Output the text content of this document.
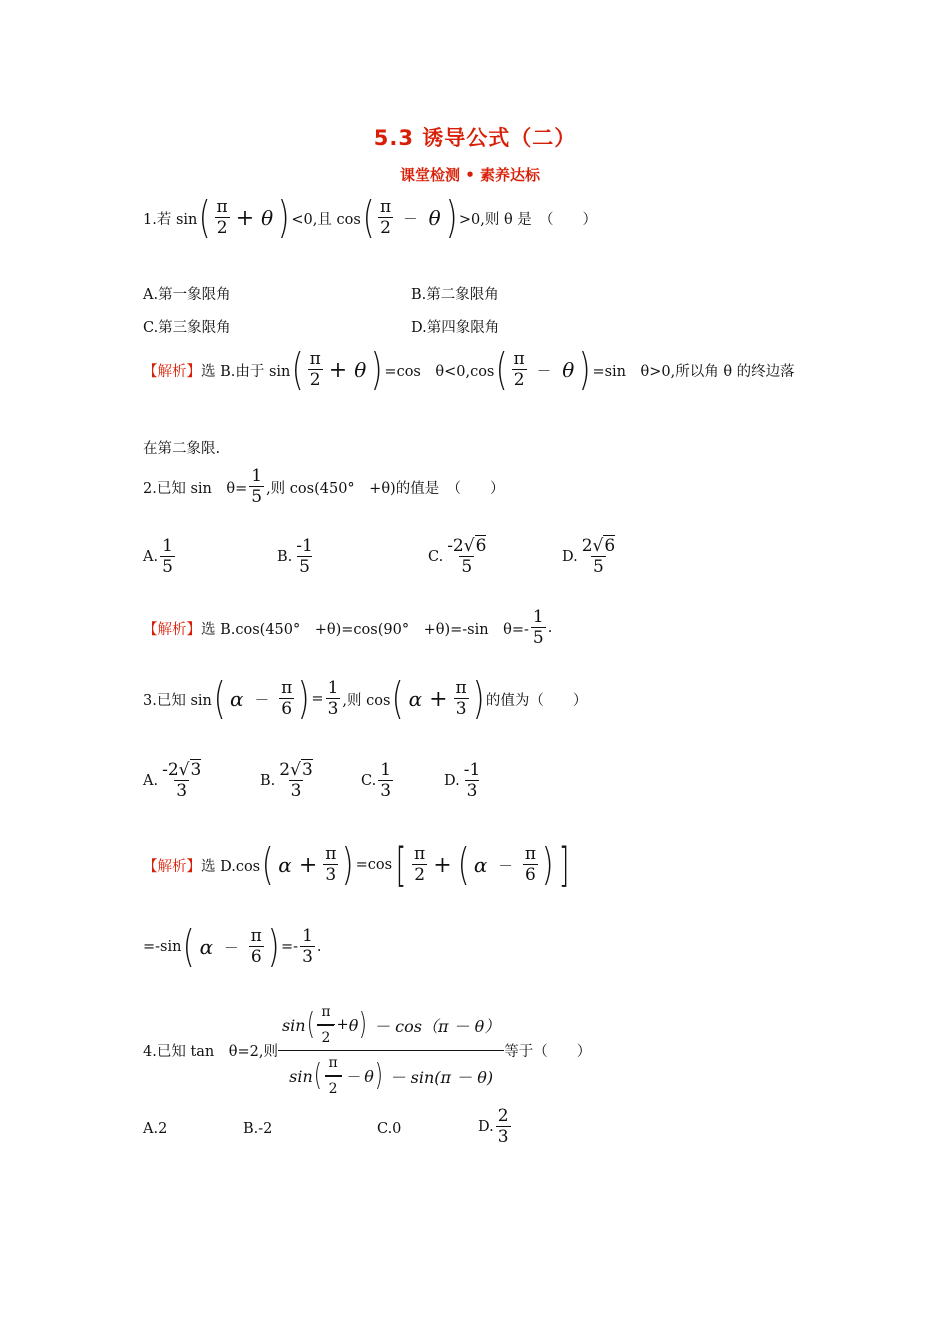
5.3 诱导公式（二）
课堂检测 • 素养达标
1.若 sin ( $\frac{\pi}{2} + \theta$ ) <0,且 cos ( $\frac{\pi}{2} - \theta$ ) >0,则 θ 是　（　　）
A.第一象限角	B.第二象限角
C.第三象限角	D.第四象限角
【解析】 选 B.由于 sin ( $\frac{\pi}{2} + \theta$ ) =cos　θ<0,cos ( $\frac{\pi}{2} - \theta$ ) =sin　θ>0,所以角 θ 的终边落
在第二象限.
2.已知 sin　$\theta= \frac{1}{5}$ ,则 cos(450°　+θ)的值是　（　　）
A. $\frac{1}{5}$	B. $\frac{-1}{5}$	C. $\frac{-2√6}{5}$	D. $\frac{2√6}{5}$
【解析】 选 B.cos(450°　+θ)=cos(90°　+θ)=-sin　$\theta=- \frac{1}{5}$ .
3.已知 sin ( $\alpha - \frac{\pi}{6}$ ) = $\frac{1}{3}$ ,则 cos ( $\alpha + \frac{\pi}{3}$ ) 的值为（　　）
A. $\frac{-2√3}{3}$	B. $\frac{2√3}{3}$	C. $\frac{1}{3}$	D. $\frac{-1}{3}$
【解析】 选 D.cos ( $\alpha + \frac{\pi}{3}$ ) =cos [ $\frac{\pi}{2}$ + ( $\alpha - \frac{\pi}{6}$ ) ]
=-sin ( $\alpha - \frac{\pi}{6}$ ) =- $\frac{1}{3}$ .
4.已知 tan　θ=2,则
sin ( $\frac{\pi}{2} + \theta$ ) － cos（π － θ）
sin ( $\frac{\pi}{2} - \theta$ ) － sin(π － θ)
等于（　　）
A.2	B.-2	C.0	D. $\frac{2}{3}$
